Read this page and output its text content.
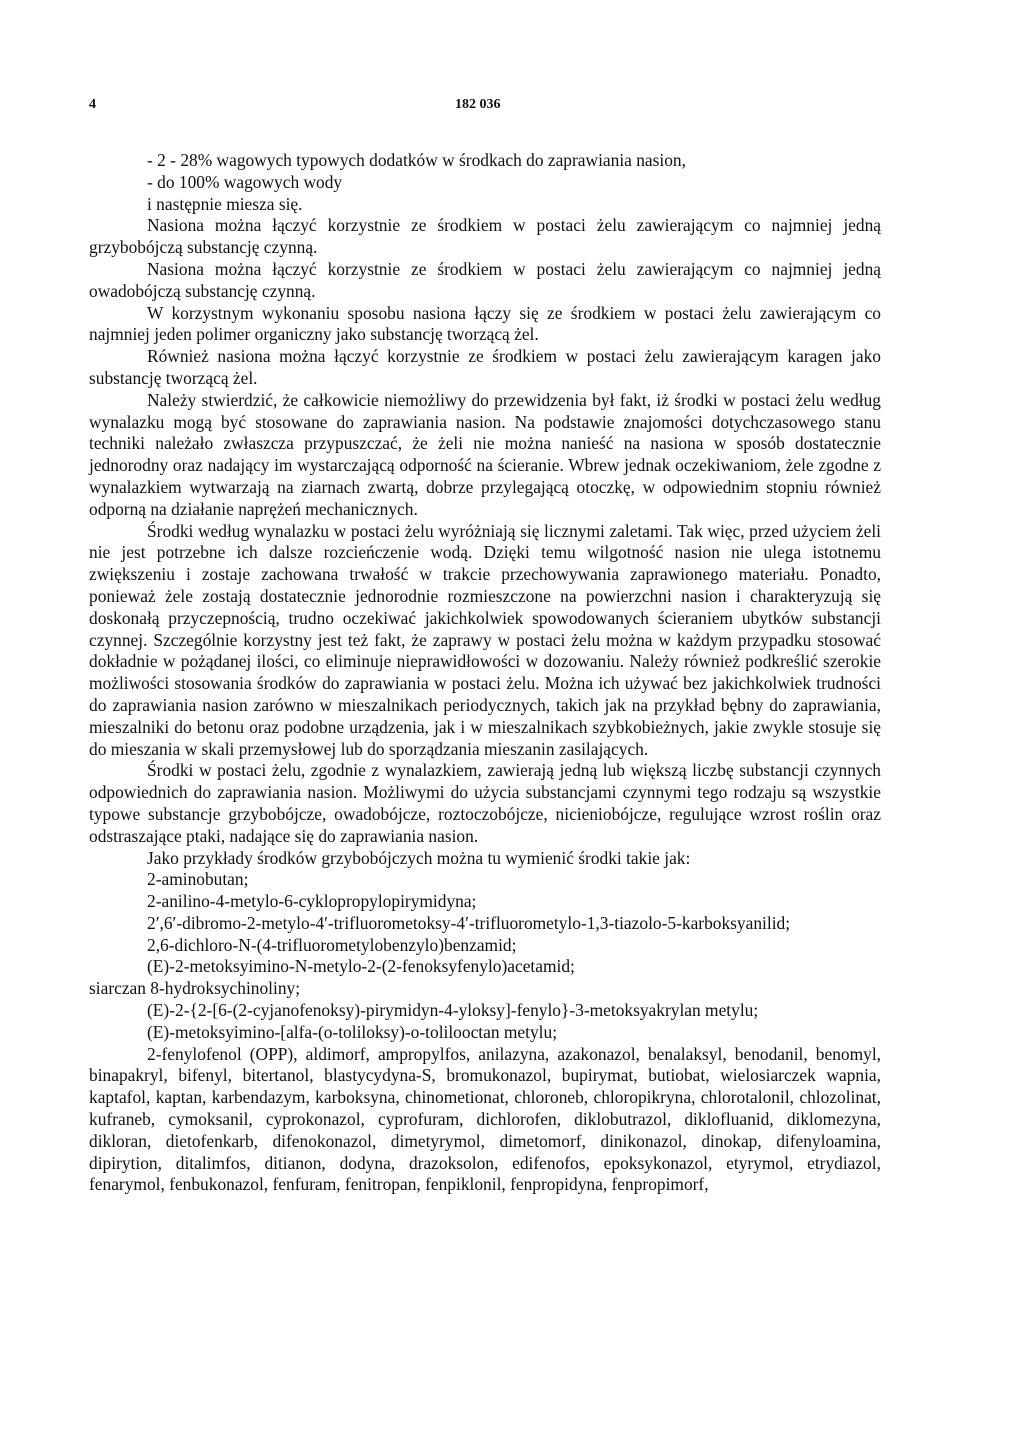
4	182 036

- 2 - 28% wagowych typowych dodatków w środkach do zaprawiania nasion,

- do 100% wagowych wody

i następnie miesza się.

Nasiona można łączyć korzystnie ze środkiem w postaci żelu zawierającym co najmniej jedną grzybobójczą substancję czynną.

Nasiona można łączyć korzystnie ze środkiem w postaci żelu zawierającym co najmniej jedną owadobójczą substancję czynną.

W korzystnym wykonaniu sposobu nasiona łączy się ze środkiem w postaci żelu zawierającym co najmniej jeden polimer organiczny jako substancję tworzącą żel.

Również nasiona można łączyć korzystnie ze środkiem w postaci żelu zawierającym karagen jako substancję tworzącą żel.

Należy stwierdzić, że całkowicie niemożliwy do przewidzenia był fakt, iż środki w postaci żelu według wynalazku mogą być stosowane do zaprawiania nasion. Na podstawie znajomości dotychczasowego stanu techniki należało zwłaszcza przypuszczać, że żeli nie można nanieść na nasiona w sposób dostatecznie jednorodny oraz nadający im wystarczającą odporność na ścieranie. Wbrew jednak oczekiwaniom, żele zgodne z wynalazkiem wytwarzają na ziarnach zwartą, dobrze przylegającą otoczkę, w odpowiednim stopniu również odporną na działanie naprężeń mechanicznych.

Środki według wynalazku w postaci żelu wyróżniają się licznymi zaletami. Tak więc, przed użyciem żeli nie jest potrzebne ich dalsze rozcieńczenie wodą. Dzięki temu wilgotność nasion nie ulega istotnemu zwiększeniu i zostaje zachowana trwałość w trakcie przechowywania zaprawionego materiału. Ponadto, ponieważ żele zostają dostatecznie jednorodnie rozmieszczone na powierzchni nasion i charakteryzują się doskonałą przyczepnością, trudno oczekiwać jakichkolwiek spowodowanych ścieraniem ubytków substancji czynnej. Szczególnie korzystny jest też fakt, że zaprawy w postaci żelu można w każdym przypadku stosować dokładnie w pożądanej ilości, co eliminuje nieprawidłowości w dozowaniu. Należy również podkreślić szerokie możliwości stosowania środków do zaprawiania w postaci żelu. Można ich używać bez jakichkolwiek trudności do zaprawiania nasion zarówno w mieszalnikach periodycznych, takich jak na przykład bębny do zaprawiania, mieszalniki do betonu oraz podobne urządzenia, jak i w mieszalnikach szybkobieżnych, jakie zwykle stosuje się do mieszania w skali przemysłowej lub do sporządzania mieszanin zasilających.

Środki w postaci żelu, zgodnie z wynalazkiem, zawierają jedną lub większą liczbę substancji czynnych odpowiednich do zaprawiania nasion. Możliwymi do użycia substancjami czynnymi tego rodzaju są wszystkie typowe substancje grzybobójcze, owadobójcze, roztoczobójcze, nicieniobójcze, regulujące wzrost roślin oraz odstraszające ptaki, nadające się do zaprawiania nasion.

Jako przykłady środków grzybobójczych można tu wymienić środki takie jak:

2-aminobutan;

2-anilino-4-metylo-6-cyklopropylopirymidyna;

2′,6′-dibromo-2-metylo-4′-trifluorometoksy-4′-trifluorometylo-1,3-tiazolo-5-karboksyanilid;

2,6-dichloro-N-(4-trifluorometylobenzylo)benzamid;

(E)-2-metoksyimino-N-metylo-2-(2-fenoksyfenylo)acetamid;

siarczan 8-hydroksychinoliny;

(E)-2-{2-[6-(2-cyjanofenoksy)-pirymidyn-4-yloksy]-fenylo}-3-metoksyakrylan metylu;

(E)-metoksyimino-[alfa-(o-toliloksy)-o-tolilooctan metylu;

2-fenylofenol (OPP), aldimorf, ampropylfos, anilazyna, azakonazol, benalaksyl, benodanil, benomyl, binapakryl, bifenyl, bitertanol, blastycydyna-S, bromukonazol, bupirymat, butiobat, wielosiarczek wapnia, kaptafol, kaptan, karbendazym, karboksyna, chinometionat, chloroneb, chloropikryna, chlorotalonil, chlozolinat, kufraneb, cymoksanil, cyprokonazol, cyprofuram, dichlorofen, diklobutrazol, diklofluanid, diklomezyna, dikloran, dietofenkarb, difenokonazol, dimetyrymol, dimetomorf, dinikonazol, dinokap, difenyloamina, dipirytion, ditalimfos, ditianon, dodyna, drazoksolon, edifenofos, epoksykonazol, etyrymol, etrydiazol, fenarymol, fenbukonazol, fenfuram, fenitropan, fenpiklonil, fenpropidyna, fenpropimorf,
